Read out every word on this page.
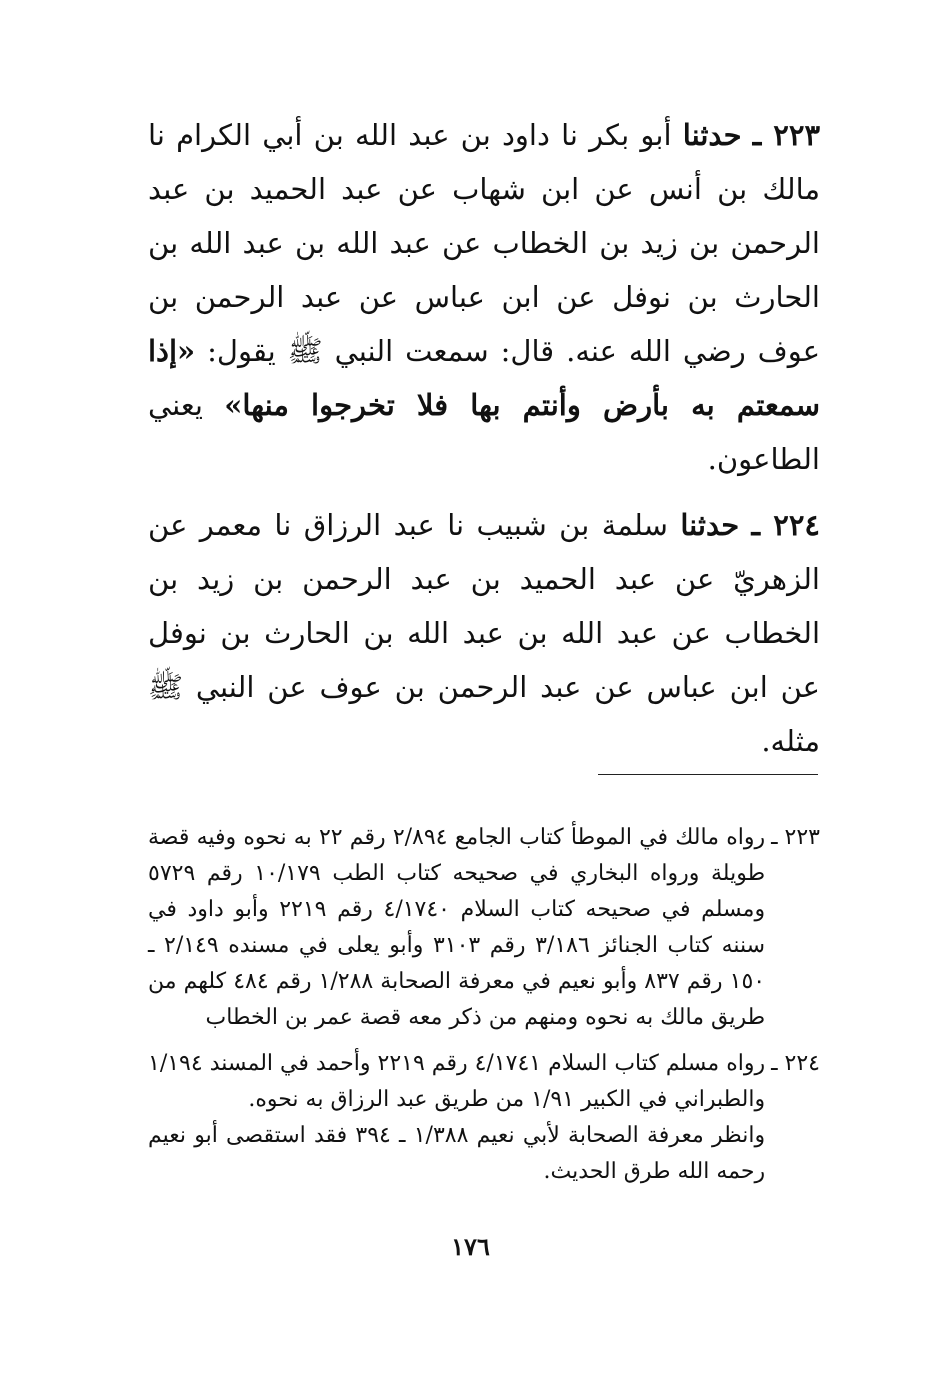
٢٢٣ ـ حدثنا أبو بكر نا داود بن عبد الله بن أبي الكرام نا مالك بن أنس عن ابن شهاب عن عبد الحميد بن عبد الرحمن بن زيد بن الخطاب عن عبد الله بن عبد الله بن الحارث بن نوفل عن ابن عباس عن عبد الرحمن بن عوف رضي الله عنه. قال: سمعت النبي ﷺ يقول: «إذا سمعتم به بأرض وأنتم بها فلا تخرجوا منها» يعني الطاعون.

٢٢٤ ـ حدثنا سلمة بن شبيب نا عبد الرزاق نا معمر عن الزهريّ عن عبد الحميد بن عبد الرحمن بن زيد بن الخطاب عن عبد الله بن عبد الله بن الحارث بن نوفل عن ابن عباس عن عبد الرحمن بن عوف عن النبي ﷺ مثله.

٢٢٣ ـ
رواه مالك في الموطأ كتاب الجامع ٢/٨٩٤ رقم ٢٢ به نحوه وفيه قصة طويلة ورواه البخاري في صحيحه كتاب الطب ١٠/١٧٩ رقم ٥٧٢٩ ومسلم في صحيحه كتاب السلام ٤/١٧٤٠ رقم ٢٢١٩ وأبو داود في سننه كتاب الجنائز ٣/١٨٦ رقم ٣١٠٣ وأبو يعلى في مسنده ٢/١٤٩ ـ ١٥٠ رقم ٨٣٧ وأبو نعيم في معرفة الصحابة ١/٢٨٨ رقم ٤٨٤ كلهم من طريق مالك به نحوه ومنهم من ذكر معه قصة عمر بن الخطاب

٢٢٤ ـ
رواه مسلم كتاب السلام ٤/١٧٤١ رقم ٢٢١٩ وأحمد في المسند ١/١٩٤ والطبراني في الكبير ١/٩١ من طريق عبد الرزاق به نحوه.
وانظر معرفة الصحابة لأبي نعيم ١/٣٨٨ ـ ٣٩٤ فقد استقصى أبو نعيم رحمه الله طرق الحديث.

١٧٦
